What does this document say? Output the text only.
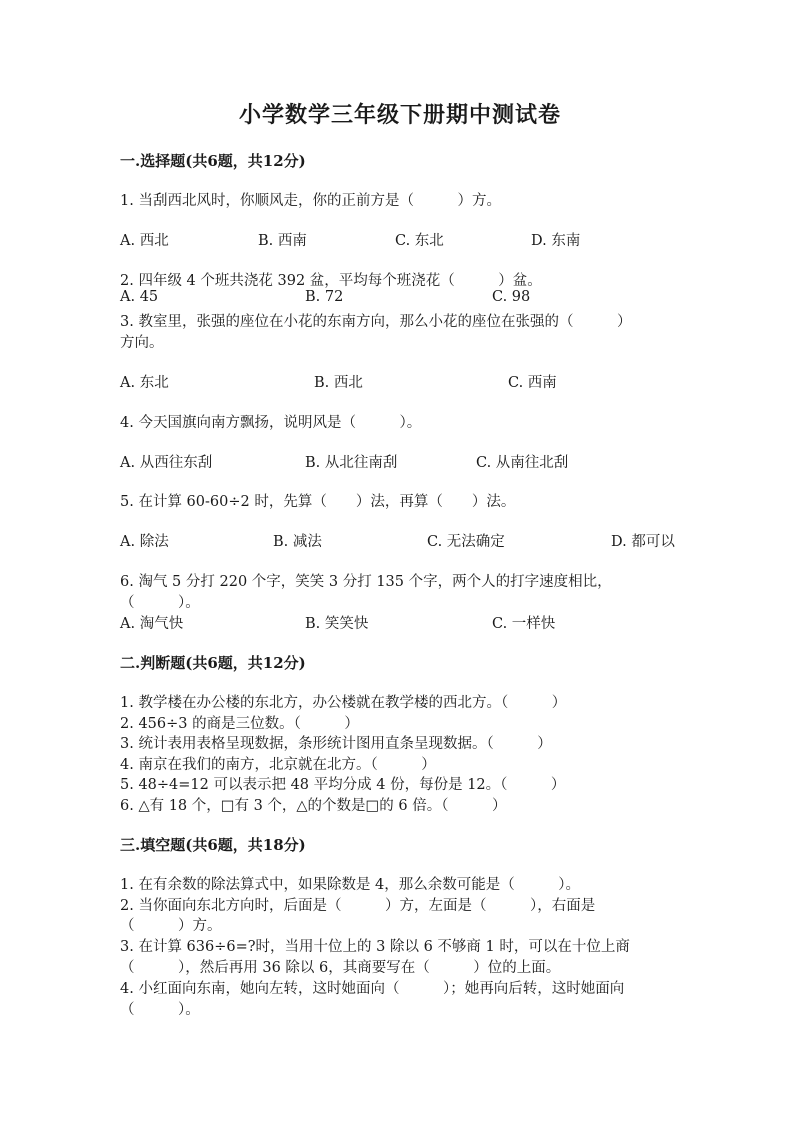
小学数学三年级下册期中测试卷
一.选择题(共6题，共12分)
1. 当刮西北风时，你顺风走，你的正前方是（　　　）方。
A. 西北	B. 西南	C. 东北	D. 东南
2. 四年级 4 个班共浇花 392 盆，平均每个班浇花（　　　）盆。
A. 45	B. 72	C. 98
3. 教室里，张强的座位在小花的东南方向，那么小花的座位在张强的（　　　）
方向。
A. 东北	B. 西北	C. 西南
4. 今天国旗向南方飘扬，说明风是（　　　）。
A. 从西往东刮	B. 从北往南刮	C. 从南往北刮
5. 在计算 60-60÷2 时，先算（　　）法，再算（　　）法。
A. 除法	B. 减法	C. 无法确定	D. 都可以
6. 淘气 5 分打 220 个字，笑笑 3 分打 135 个字，两个人的打字速度相比，
（　　　）。
A. 淘气快	B. 笑笑快	C. 一样快
二.判断题(共6题，共12分)
1. 教学楼在办公楼的东北方，办公楼就在教学楼的西北方。（　　　）
2. 456÷3 的商是三位数。（　　　）
3. 统计表用表格呈现数据，条形统计图用直条呈现数据。（　　　）
4. 南京在我们的南方，北京就在北方。（　　　）
5. 48÷4=12 可以表示把 48 平均分成 4 份，每份是 12。（　　　）
6. △有 18 个，□有 3 个，△的个数是□的 6 倍。（　　　）
三.填空题(共6题，共18分)
1. 在有余数的除法算式中，如果除数是 4，那么余数可能是（　　　）。
2. 当你面向东北方向时，后面是（　　　）方，左面是（　　　），右面是
（　　　）方。
3. 在计算 636÷6=?时，当用十位上的 3 除以 6 不够商 1 时，可以在十位上商
（　　　），然后再用 36 除以 6，其商要写在（　　　）位的上面。
4. 小红面向东南，她向左转，这时她面向（　　　）；她再向后转，这时她面向
（　　　）。
